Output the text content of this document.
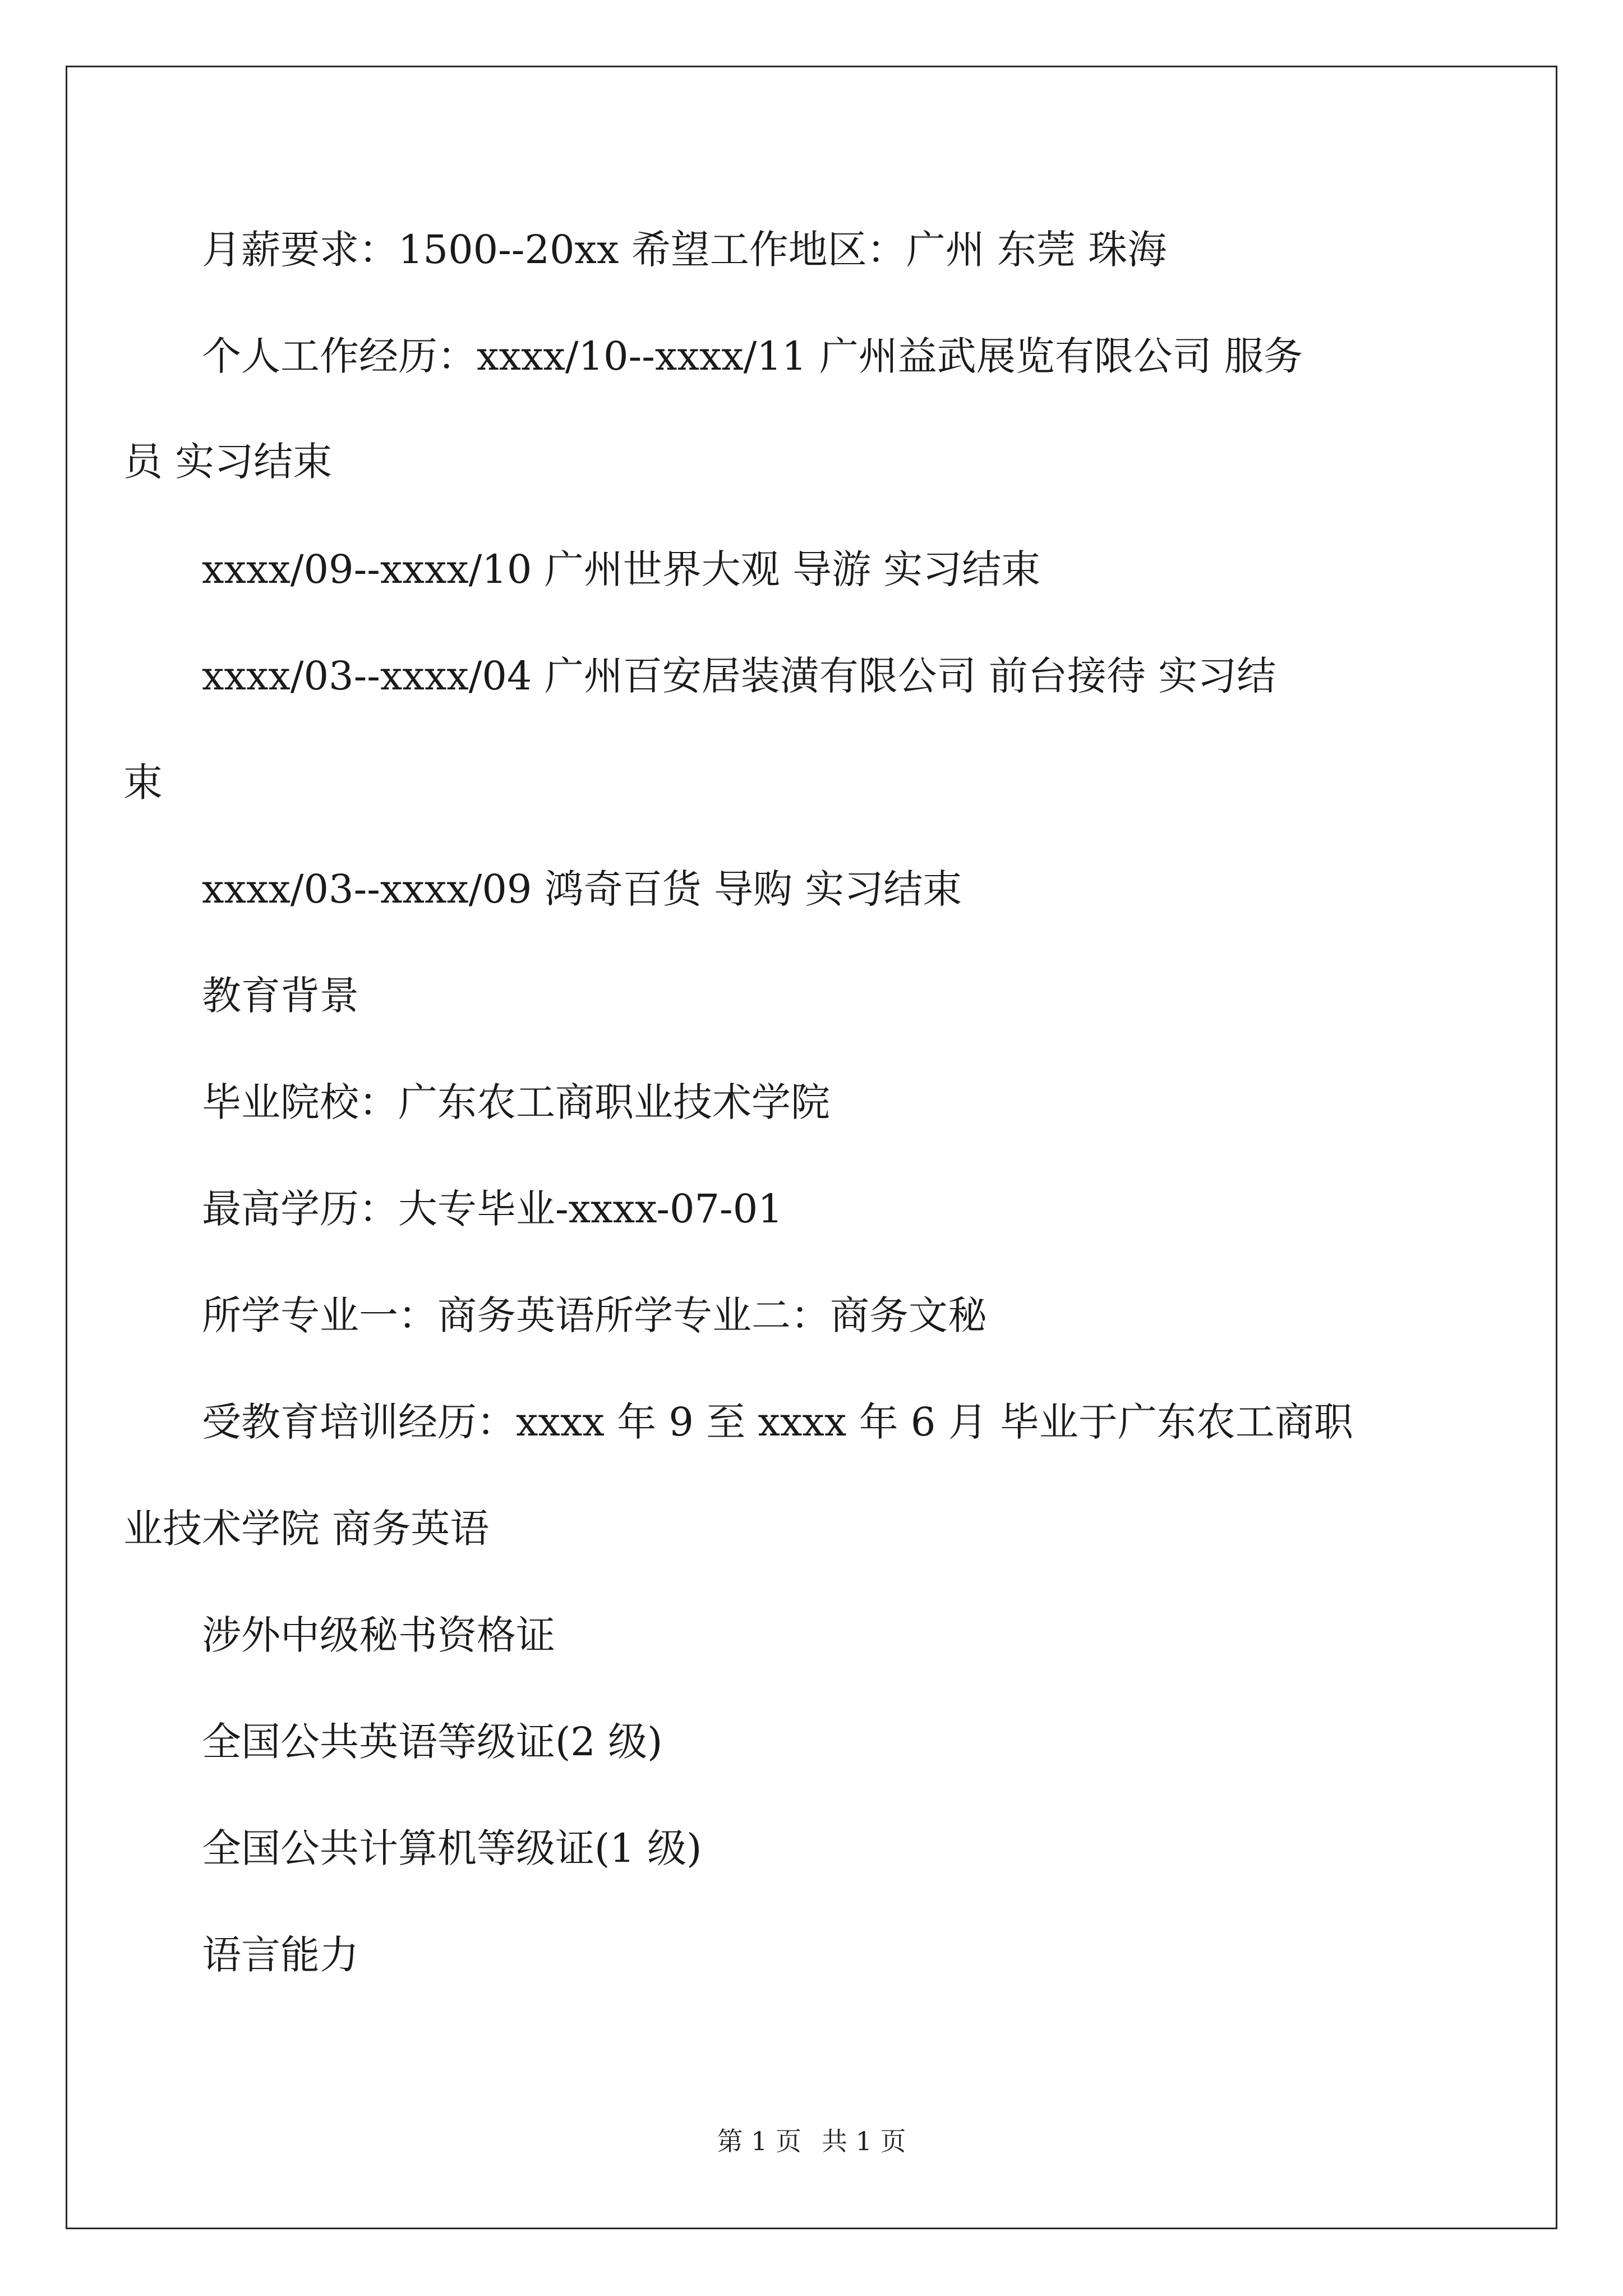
月薪要求：1500--20xx 希望工作地区：广州 东莞 珠海
个人工作经历：xxxx/10--xxxx/11 广州益武展览有限公司 服务
员 实习结束
xxxx/09--xxxx/10 广州世界大观 导游 实习结束
xxxx/03--xxxx/04 广州百安居装潢有限公司 前台接待 实习结
束
xxxx/03--xxxx/09 鸿奇百货 导购 实习结束
教育背景
毕业院校：广东农工商职业技术学院
最高学历：大专毕业-xxxx-07-01
所学专业一：商务英语所学专业二：商务文秘
受教育培训经历：xxxx 年 9 至 xxxx 年 6 月 毕业于广东农工商职
业技术学院 商务英语
涉外中级秘书资格证
全国公共英语等级证(2 级)
全国公共计算机等级证(1 级)
语言能力
第 1 页 共 1 页
